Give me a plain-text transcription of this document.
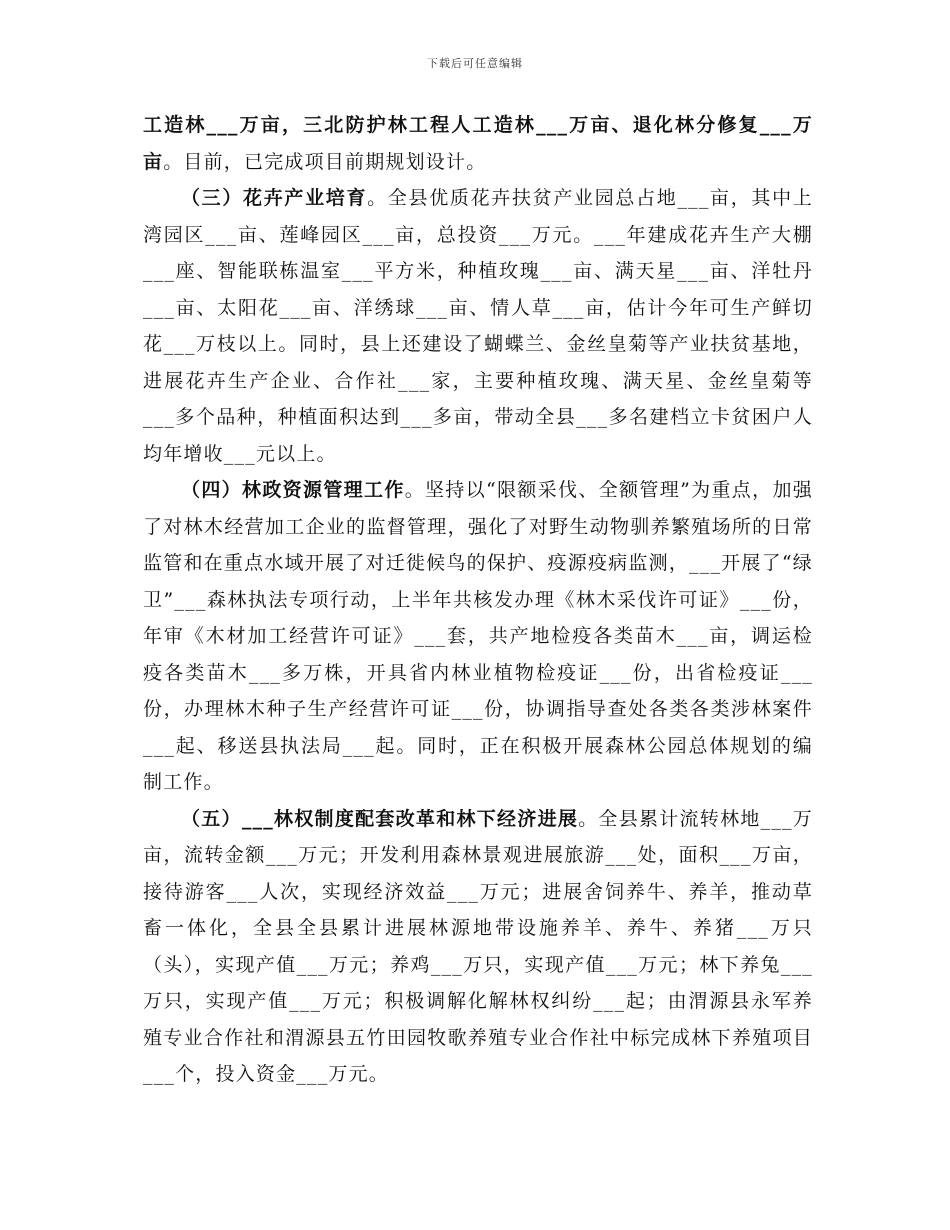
下载后可任意编辑

工造林___万亩，三北防护林工程人工造林___万亩、退化林分修复___万亩。目前，已完成项目前期规划设计。

（三）花卉产业培育。全县优质花卉扶贫产业园总占地___亩，其中上湾园区___亩、莲峰园区___亩，总投资___万元。___年建成花卉生产大棚___座、智能联栋温室___平方米，种植玫瑰___亩、满天星___亩、洋牡丹___亩、太阳花___亩、洋绣球___亩、情人草___亩，估计今年可生产鲜切花___万枝以上。同时，县上还建设了蝴蝶兰、金丝皇菊等产业扶贫基地，进展花卉生产企业、合作社___家，主要种植玫瑰、满天星、金丝皇菊等___多个品种，种植面积达到___多亩，带动全县___多名建档立卡贫困户人均年增收___元以上。

（四）林政资源管理工作。坚持以“限额采伐、全额管理”为重点，加强了对林木经营加工企业的监督管理，强化了对野生动物驯养繁殖场所的日常监管和在重点水域开展了对迁徙候鸟的保护、疫源疫病监测，___开展了“绿卫”___森林执法专项行动，上半年共核发办理《林木采伐许可证》___份，年审《木材加工经营许可证》___套，共产地检疫各类苗木___亩，调运检疫各类苗木___多万株，开具省内林业植物检疫证___份，出省检疫证___份，办理林木种子生产经营许可证___份，协调指导查处各类各类涉林案件___起、移送县执法局___起。同时，正在积极开展森林公园总体规划的编制工作。

（五）___林权制度配套改革和林下经济进展。全县累计流转林地___万亩，流转金额___万元；开发利用森林景观进展旅游___处，面积___万亩，接待游客___人次，实现经济效益___万元；进展舍饲养牛、养羊，推动草畜一体化，全县全县累计进展林源地带设施养羊、养牛、养猪___万只（头），实现产值___万元；养鸡___万只，实现产值___万元；林下养兔___万只，实现产值___万元；积极调解化解林权纠纷___起；由渭源县永军养殖专业合作社和渭源县五竹田园牧歌养殖专业合作社中标完成林下养殖项目___个，投入资金___万元。
